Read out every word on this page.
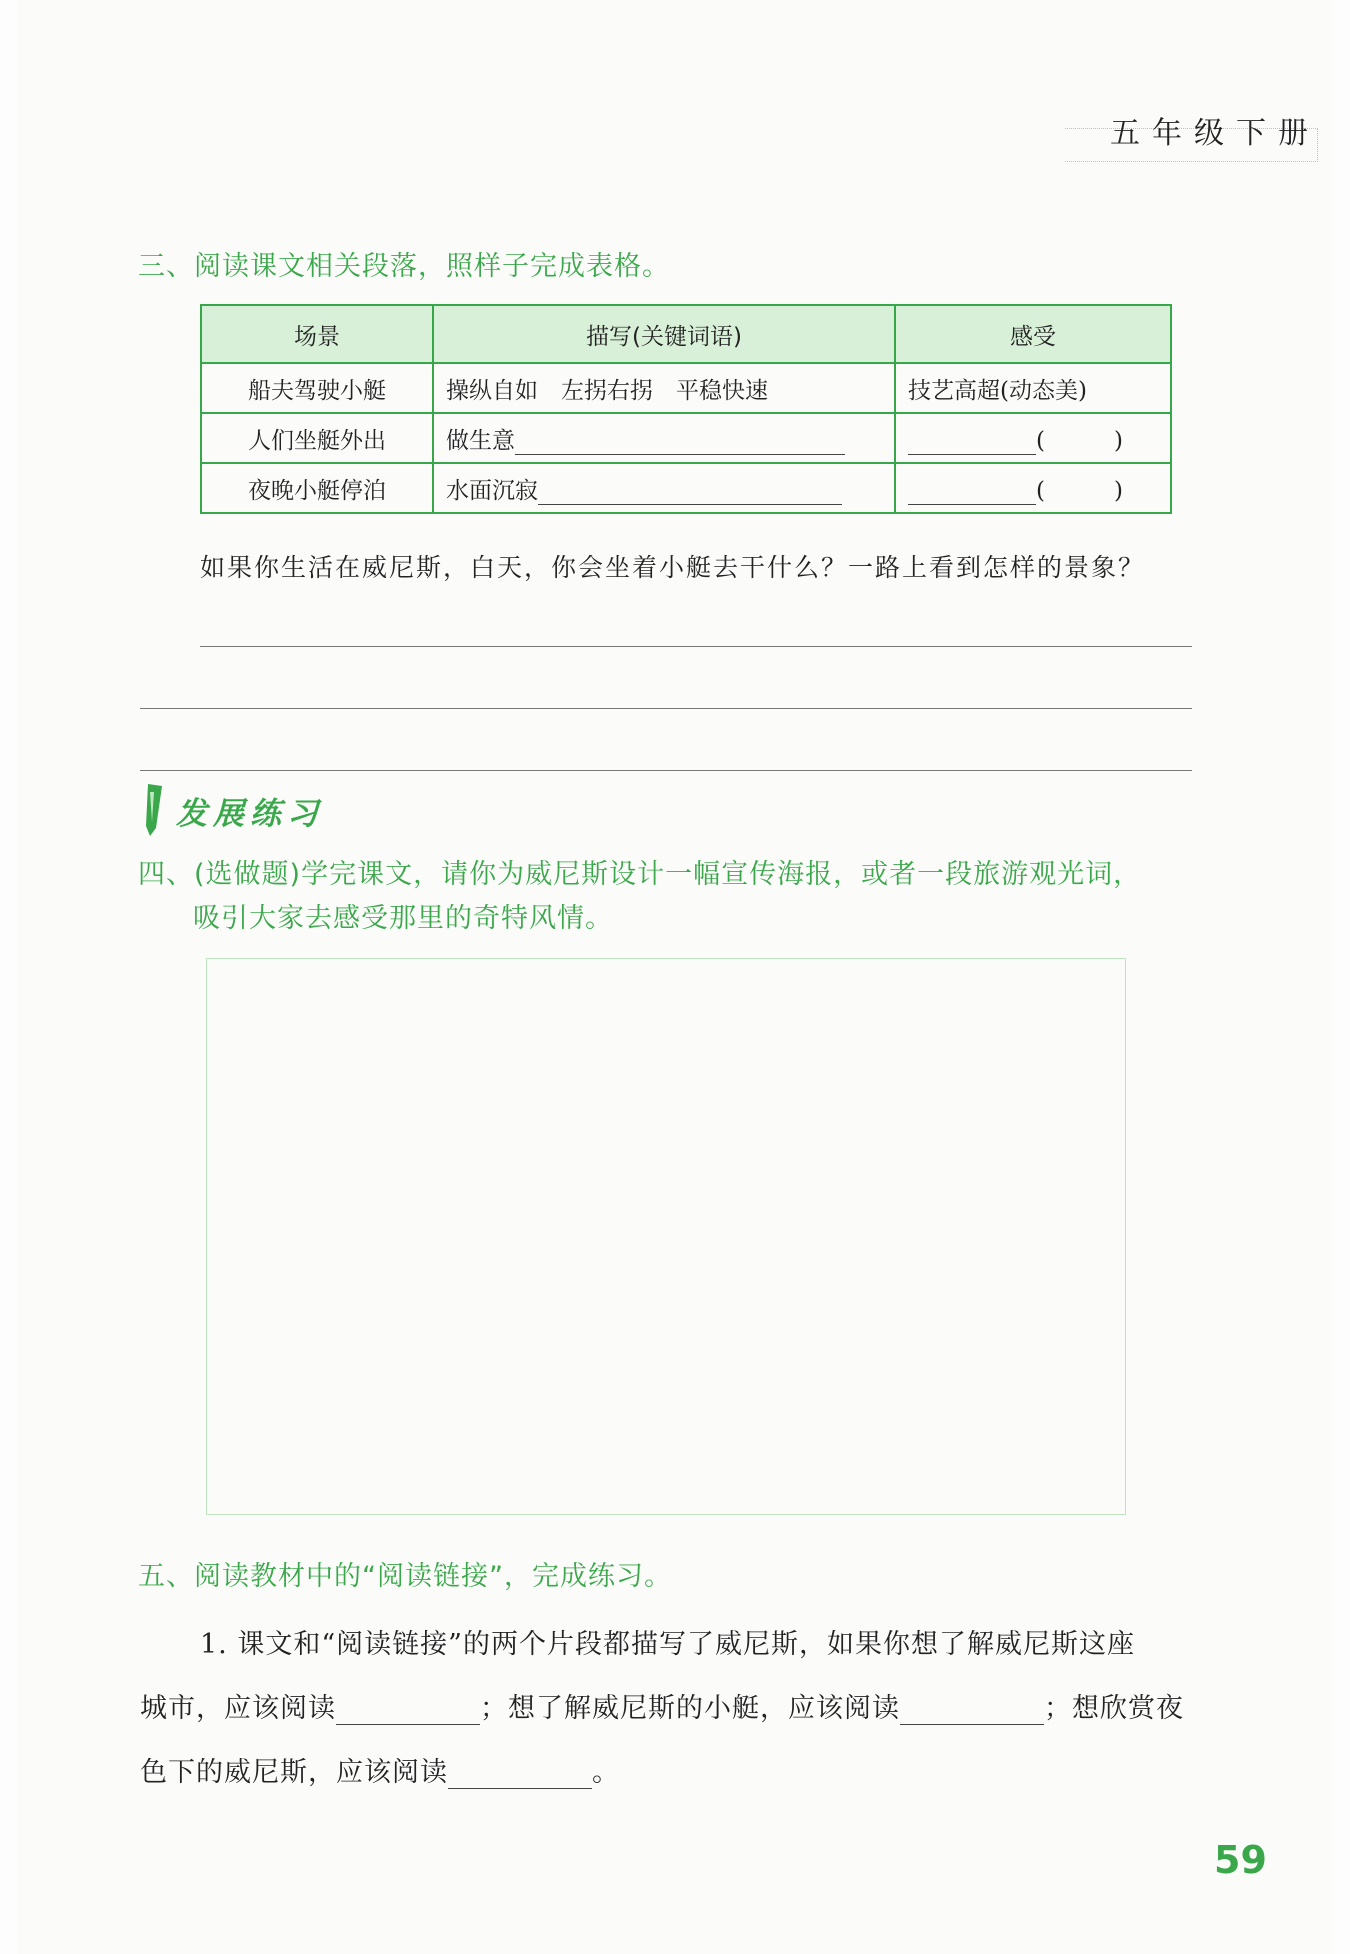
五年级下册
三、阅读课文相关段落，照样子完成表格。
场景	描写(关键词语)	感受
船夫驾驶小艇	操纵自如　左拐右拐　平稳快速	技艺高超(动态美)
人们坐艇外出	做生意	(　　　)
夜晚小艇停泊	水面沉寂	(　　　)
如果你生活在威尼斯，白天，你会坐着小艇去干什么？一路上看到怎样的景象？
发展练习
四、(选做题)学完课文，请你为威尼斯设计一幅宣传海报，或者一段旅游观光词，
吸引大家去感受那里的奇特风情。
五、阅读教材中的“阅读链接”，完成练习。
1. 课文和“阅读链接”的两个片段都描写了威尼斯，如果你想了解威尼斯这座
城市，应该阅读	；想了解威尼斯的小艇，应该阅读	；想欣赏夜
色下的威尼斯，应该阅读	。
59
